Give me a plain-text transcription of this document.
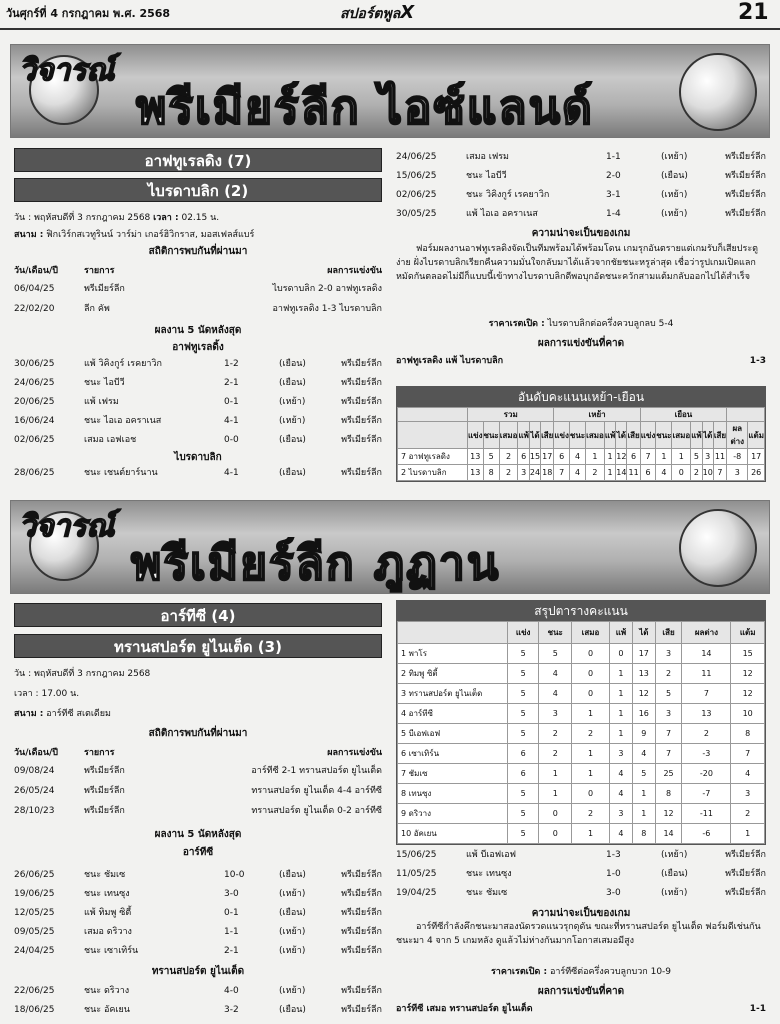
วันศุกร์ที่ 4 กรกฎาคม พ.ศ. 2568	สปอร์ตพูลX	21
วิจารณ์
พรีเมียร์ลีก ไอซ์แลนด์
อาฟทูเรลดิง (7)
ไบรดาบลิก (2)
วัน : พฤหัสบดีที่ 3 กรกฎาคม 2568 เวลา : 02.15 น.
สนาม : ฟิกเวิร์กสเวทูรินน์ วาร์ม่า เกอร์ฮิวิกราส, มอสเฟลส์แบร์
สถิติการพบกันที่ผ่านมา
วัน/เดือน/ปี	รายการ	ผลการแข่งขัน
06/04/25	พรีเมียร์ลีก	ไบรดาบลิก 2-0 อาฟทูเรลดิง
22/02/20	ลีก คัพ	อาฟทูเรลดิง 1-3 ไบรดาบลิก
ผลงาน 5 นัดหลังสุด
อาฟทูเรลดิ้ง
30/06/25	แพ้ วิคิงกูร์ เรคยาวิก	1-2	(เยือน)	พรีเมียร์ลีก
24/06/25	ชนะ ไอบีวี	2-1	(เยือน)	พรีเมียร์ลีก
20/06/25	แพ้ เฟรม	0-1	(เหย้า)	พรีเมียร์ลีก
16/06/24	ชนะ ไอเอ อคราเนส	4-1	(เหย้า)	พรีเมียร์ลีก
02/06/25	เสมอ เอฟเอช	0-0	(เยือน)	พรีเมียร์ลีก
ไบรดาบลิก
28/06/25	ชนะ เชนต์ยาร์นาน	4-1	(เยือน)	พรีเมียร์ลีก
24/06/25	เสมอ เฟรม	1-1	(เหย้า)	พรีเมียร์ลีก
15/06/25	ชนะ ไอบีวี	2-0	(เยือน)	พรีเมียร์ลีก
02/06/25	ชนะ วิคิงกูร์ เรคยาวิก	3-1	(เหย้า)	พรีเมียร์ลีก
30/05/25	แพ้ ไอเอ อคราเนส	1-4	(เหย้า)	พรีเมียร์ลีก
ความน่าจะเป็นของเกม
ฟอร์มผลงานอาฟทูเรลดิงจัดเป็นทีมพร้อมได้พร้อมโดน เกมรุกอันตรายแต่เกมรับก็เสียประตูง่าย ฝั่งไบรดาบลิกเรียกคืนความมั่นใจกลับมาได้แล้วจากชัยชนะหรูล่าสุด เชื่อว่ารูปเกมเปิดแลกหมัดกันตลอดไม่มีก็แบบนี้เข้าทางไบรดาบลิกดีพอบุกอัดชนะควักสามแต้มกลับออกไปได้สำเร็จ
ราคาเรตเปิด : ไบรดาบลิกต่อครึ่งควบลูกลบ 5-4
ผลการแข่งขันที่คาด
อาฟทูเรลดิง แพ้ ไบรดาบลิก	1-3
อันดับคะแนนเหย้า-เยือน
	รวม						เหย้า						เยือน							
	แข่ง	ชนะ	เสมอ	แพ้	ได้	เสีย	แข่ง	ชนะ	เสมอ	แพ้	ได้	เสีย	แข่ง	ชนะ	เสมอ	แพ้	ได้	เสีย	ผลต่าง	แต้ม
7 อาฟทูเรลดิง	13	5	2	6	15	17	6	4	1	1	12	6	7	1	1	5	3	11	-8	17
2 ไบรดาบลิก	13	8	2	3	24	18	7	4	2	1	14	11	6	4	0	2	10	7	3	26
วิจารณ์
พรีเมียร์ลีก ภูฏาน
อาร์ทีซี (4)
ทรานสปอร์ต ยูไนเต็ด (3)
วัน : พฤหัสบดีที่ 3 กรกฎาคม 2568
เวลา : 17.00 น.
สนาม : อาร์ทีซี สเตเดียม
สถิติการพบกันที่ผ่านมา
วัน/เดือน/ปี	รายการ	ผลการแข่งขัน
09/08/24	พรีเมียร์ลีก	อาร์ทีซี 2-1 ทรานสปอร์ต ยูไนเต็ด
26/05/24	พรีเมียร์ลีก	ทรานสปอร์ต ยูไนเต็ด 4-4 อาร์ทีซี
28/10/23	พรีเมียร์ลีก	ทรานสปอร์ต ยูไนเต็ด 0-2 อาร์ทีซี
ผลงาน 5 นัดหลังสุด
อาร์ทีซี
26/06/25	ชนะ ชัมเซ	10-0	(เยือน)	พรีเมียร์ลีก
19/06/25	ชนะ เทนซุง	3-0	(เหย้า)	พรีเมียร์ลีก
12/05/25	แพ้ ทิมพู ซิตี้	0-1	(เยือน)	พรีเมียร์ลีก
09/05/25	เสมอ ดริวาง	1-1	(เหย้า)	พรีเมียร์ลีก
24/04/25	ชนะ เซาเทิร์น	2-1	(เหย้า)	พรีเมียร์ลีก
ทรานสปอร์ต ยูไนเต็ด
22/06/25	ชนะ ดริวาง	4-0	(เหย้า)	พรีเมียร์ลีก
18/06/25	ชนะ อัคเยน	3-2	(เยือน)	พรีเมียร์ลีก
สรุปตารางคะแนน
	แข่ง	ชนะ	เสมอ	แพ้	ได้	เสีย	ผลต่าง	แต้ม
1 พาโร	5	5	0	0	17	3	14	15
2 ทิมพู ซิตี้	5	4	0	1	13	2	11	12
3 ทรานสปอร์ต ยูไนเต็ด	5	4	0	1	12	5	7	12
4 อาร์ทีซี	5	3	1	1	16	3	13	10
5 บีเอฟเอฟ	5	2	2	1	9	7	2	8
6 เซาเทิร์น	6	2	1	3	4	7	-3	7
7 ชัมเซ	6	1	1	4	5	25	-20	4
8 เทนซุง	5	1	0	4	1	8	-7	3
9 ดริวาง	5	0	2	3	1	12	-11	2
10 อัคเยน	5	0	1	4	8	14	-6	1
15/06/25	แพ้ บีเอฟเอฟ	1-3	(เหย้า)	พรีเมียร์ลีก
11/05/25	ชนะ เทนซุง	1-0	(เยือน)	พรีเมียร์ลีก
19/04/25	ชนะ ชัมเซ	3-0	(เหย้า)	พรีเมียร์ลีก
ความน่าจะเป็นของเกม
อาร์ทีซีกำลังคึกชนะมาสองนัดรวดแนวรุกดุดัน ขณะที่ทรานสปอร์ต ยูไนเต็ด ฟอร์มดีเช่นกันชนะมา 4 จาก 5 เกมหลัง ดูแล้วไม่ห่างกันมากโอกาสเสมอมีสูง
ราคาเรตเปิด : อาร์ทีซีต่อครึ่งควบลูกบวก 10-9
ผลการแข่งขันที่คาด
อาร์ทีซี เสมอ ทรานสปอร์ต ยูไนเต็ด	1-1
